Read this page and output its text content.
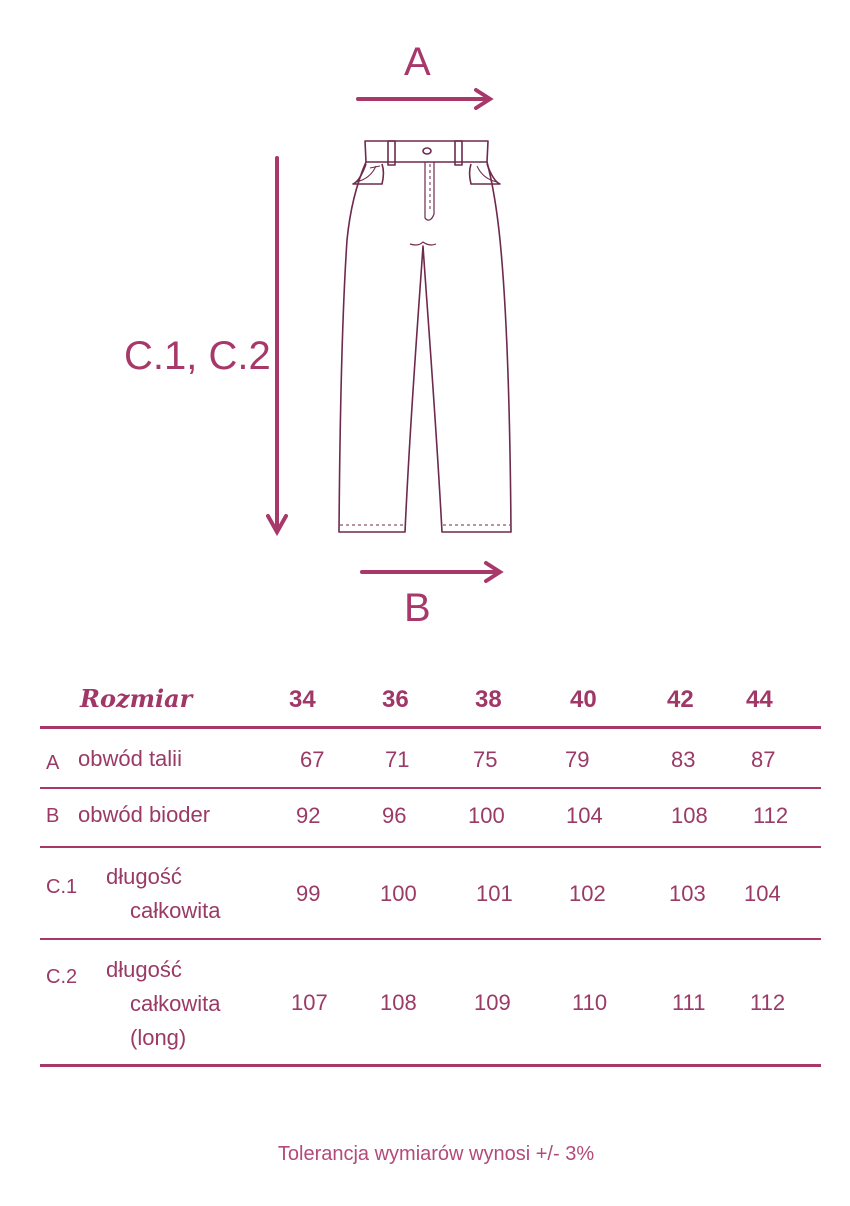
A
B
C.1, C.2
Rozmiar	34	36	38	40	42 44
A obwód talii	67	71	75	79	83	87
B obwód bioder	92	96	100	104	108 112
C.1 długość
całkowita
99	100	101	102	103 104
C.2 długość
całkowita
(long)
107 108	109	110	111 112
Tolerancja wymiarów wynosi +/- 3%
